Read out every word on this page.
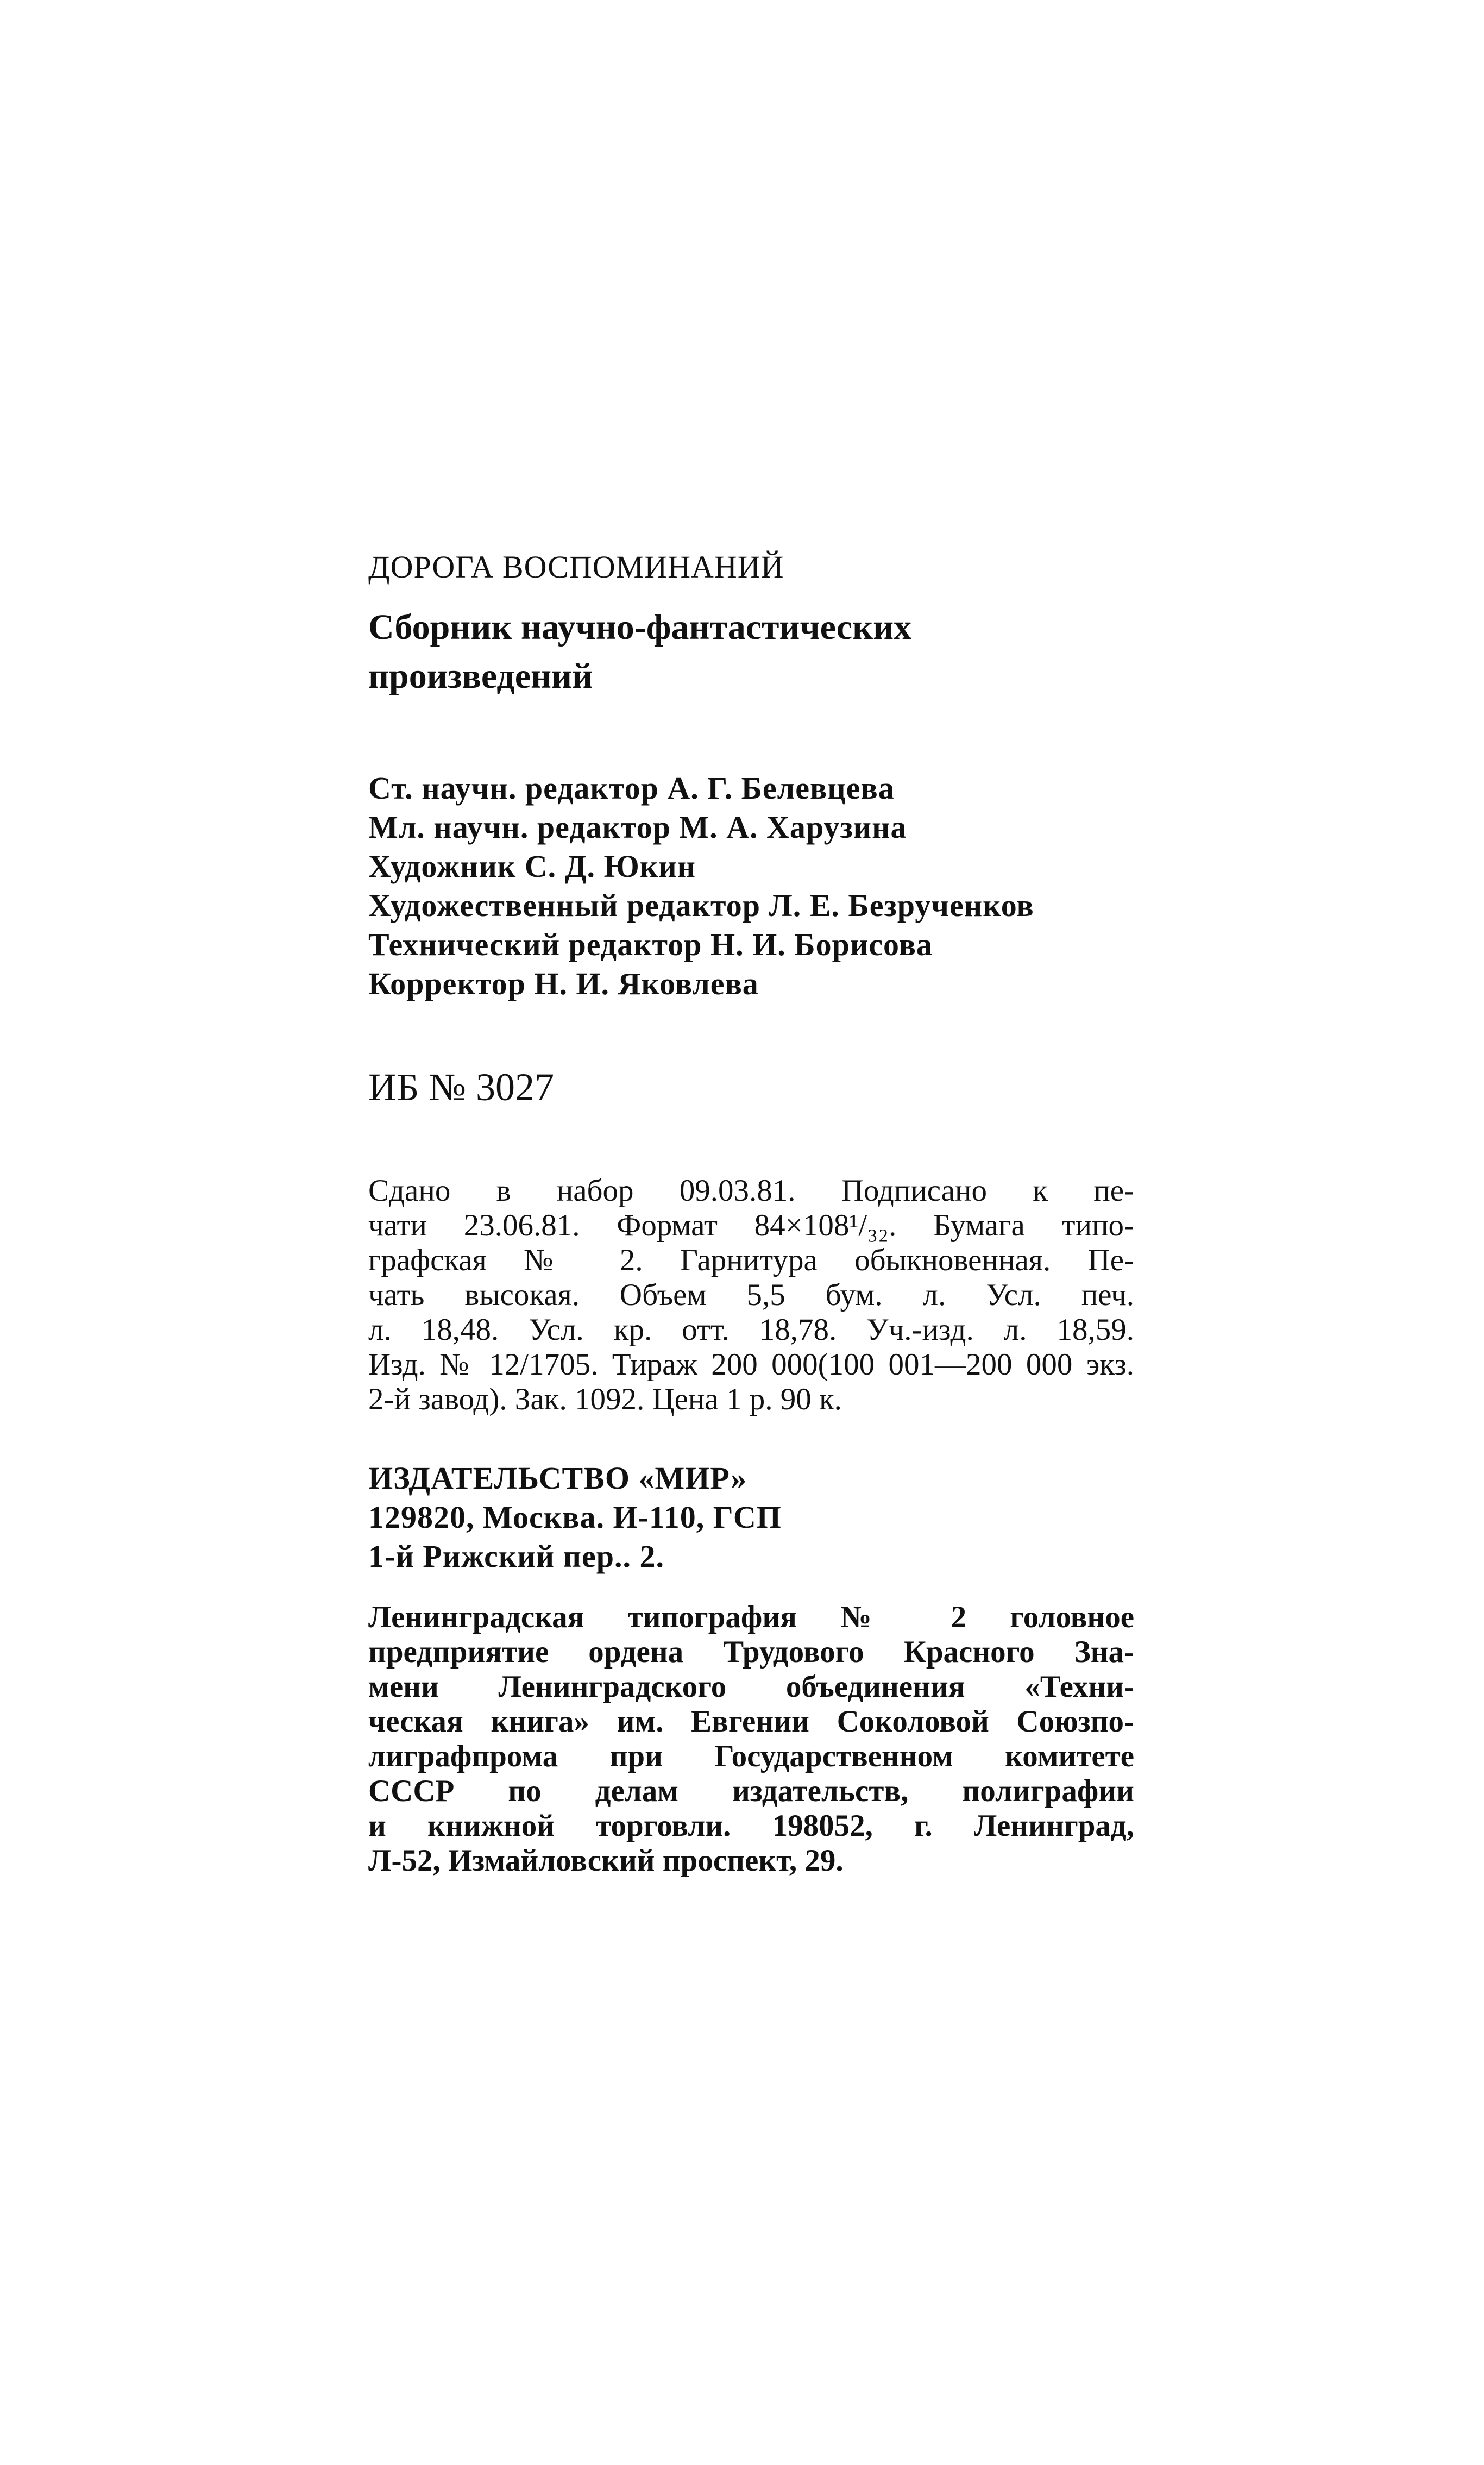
ДОРОГА ВОСПОМИНАНИЙ
Сборник научно-фантастических
произведений
Ст. научн. редактор А. Г. Белевцева
Мл. научн. редактор М. А. Харузина
Художник С. Д. Юкин
Художественный редактор Л. Е. Безрученков
Технический редактор Н. И. Борисова
Корректор Н. И. Яковлева
ИБ № 3027
Сдано в набор 09.03.81. Подписано к пе-
чати 23.06.81. Формат 84×108¹/₃₂. Бумага типо-
графская № 2. Гарнитура обыкновенная. Пе-
чать высокая. Объем 5,5 бум. л. Усл. печ.
л. 18,48. Усл. кр. отт. 18,78. Уч.-изд. л. 18,59.
Изд. № 12/1705. Тираж 200 000(100 001—200 000 экз.
2-й завод). Зак. 1092. Цена 1 р. 90 к.
ИЗДАТЕЛЬСТВО «МИР»
129820, Москва. И-110, ГСП
1-й Рижский пер.. 2.
Ленинградская типография № 2 головное
предприятие ордена Трудового Красного Зна-
мени Ленинградского объединения «Техни-
ческая книга» им. Евгении Соколовой Союзпо-
лиграфпрома при Государственном комитете
СССР по делам издательств, полиграфии
и книжной торговли. 198052, г. Ленинград,
Л-52, Измайловский проспект, 29.
